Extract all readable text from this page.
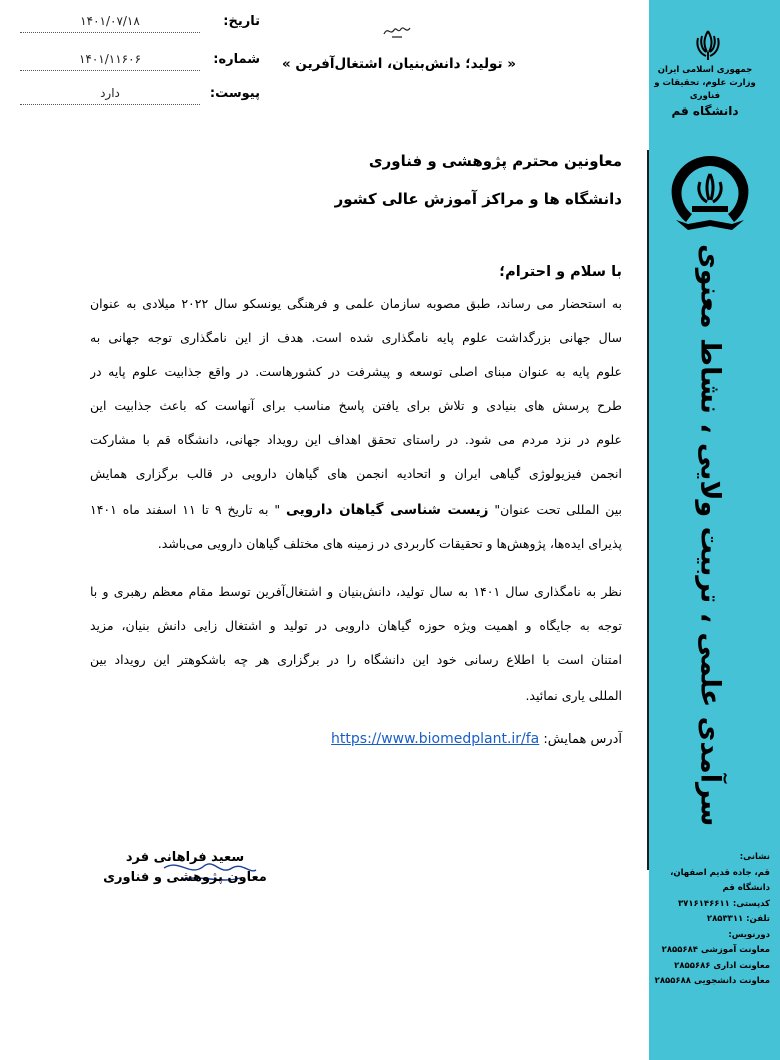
جمهوری اسلامی ایران
وزارت علوم، تحقیقات و فناوری
دانشگاه قم
سرآمدی علمی ، تربیت ولایی ، نشاط معنوی
نشانی:
قم، جاده قدیم اصفهان،
دانشگاه قم
کدپستی: ۳۷۱۶۱۴۶۶۱۱
تلفن: ۲۸۵۳۳۱۱
دورنویس:
معاونت آموزشی ۲۸۵۵۶۸۴
معاونت اداری ۲۸۵۵۶۸۶
معاونت دانشجویی ۲۸۵۵۶۸۸
تاریخ:
۱۴۰۱/۰۷/۱۸
شماره:
۱۴۰۱/۱۱۶۰۶
پیوست:
دارد
« تولید؛ دانش‌بنیان، اشتغال‌آفرین »
معاونین محترم پژوهشی و فناوری
دانشگاه ها و مراکز آموزش عالی کشور
با سلام و احترام؛
به استحضار می رساند، طبق مصوبه سازمان علمی و فرهنگی یونسکو سال ۲۰۲۲ میلادی به عنوان
سال جهانی بزرگداشت علوم پایه نامگذاری شده است. هدف از این نامگذاری توجه جهانی به
علوم پایه به عنوان مبنای اصلی توسعه و پیشرفت در کشورهاست. در واقع جذابیت علوم پایه در
طرح پرسش های بنیادی و تلاش برای یافتن پاسخ مناسب برای آنهاست که باعث جذابیت این
علوم در نزد مردم می شود. در راستای تحقق اهداف این رویداد جهانی، دانشگاه قم با مشارکت
انجمن فیزیولوژی گیاهی ایران و اتحادیه انجمن های گیاهان دارویی در قالب برگزاری همایش
بین المللی تحت عنوان" زیست شناسی گیاهان دارویی " به تاریخ ۹ تا ۱۱ اسفند ماه ۱۴۰۱
پذیرای ایده‌ها، پژوهش‌ها و تحقیقات کاربردی در زمینه های مختلف گیاهان دارویی می‌باشد.
نظر به نامگذاری سال ۱۴۰۱ به سال تولید، دانش‌بنیان و اشتغال‌آفرین توسط مقام معظم رهبری و با
توجه به جایگاه و اهمیت ویژه حوزه گیاهان دارویی در تولید و اشتغال زایی دانش بنیان، مزید
امتنان است با اطلاع رسانی خود این دانشگاه را در برگزاری هر چه باشکوهتر این رویداد بین
المللی یاری نمائید.
آدرس همایش: https://www.biomedplant.ir/fa
سعید فراهانی فرد
معاون پژوهشی و فناوری
